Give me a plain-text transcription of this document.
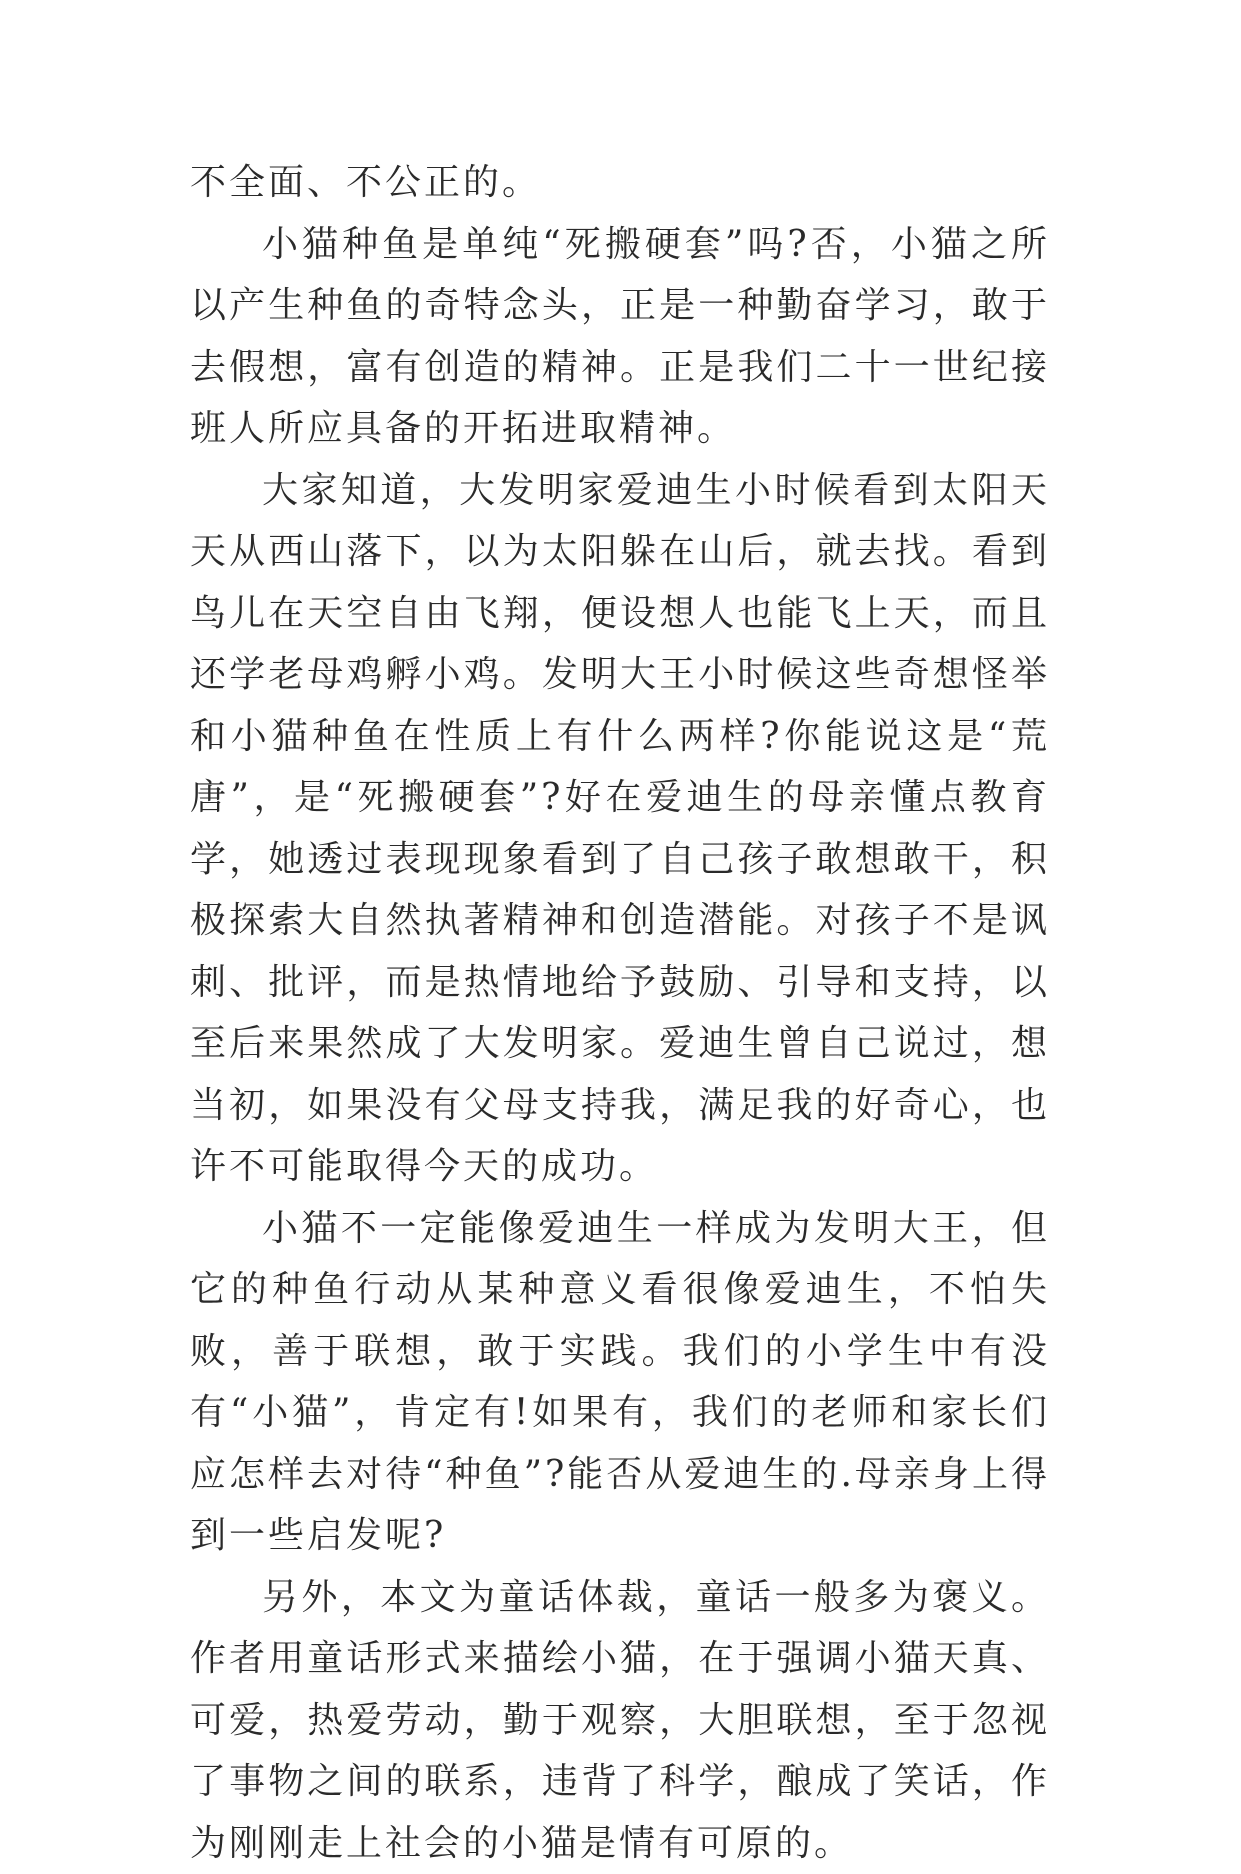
不全面、不公正的。

小猫种鱼是单纯“死搬硬套”吗?否，小猫之所以产生种鱼的奇特念头，正是一种勤奋学习，敢于去假想，富有创造的精神。正是我们二十一世纪接班人所应具备的开拓进取精神。

大家知道，大发明家爱迪生小时候看到太阳天天从西山落下，以为太阳躲在山后，就去找。看到鸟儿在天空自由飞翔，便设想人也能飞上天，而且还学老母鸡孵小鸡。发明大王小时候这些奇想怪举和小猫种鱼在性质上有什么两样?你能说这是“荒唐”，是“死搬硬套”?好在爱迪生的母亲懂点教育学，她透过表现现象看到了自己孩子敢想敢干，积极探索大自然执著精神和创造潜能。对孩子不是讽刺、批评，而是热情地给予鼓励、引导和支持，以至后来果然成了大发明家。爱迪生曾自己说过，想当初，如果没有父母支持我，满足我的好奇心，也许不可能取得今天的成功。

小猫不一定能像爱迪生一样成为发明大王，但它的种鱼行动从某种意义看很像爱迪生，不怕失败，善于联想，敢于实践。我们的小学生中有没有“小猫”，肯定有!如果有，我们的老师和家长们应怎样去对待“种鱼”?能否从爱迪生的.母亲身上得到一些启发呢?

另外，本文为童话体裁，童话一般多为褒义。作者用童话形式来描绘小猫，在于强调小猫天真、可爱，热爱劳动，勤于观察，大胆联想，至于忽视了事物之间的联系，违背了科学，酿成了笑话，作为刚刚走上社会的小猫是情有可原的。
